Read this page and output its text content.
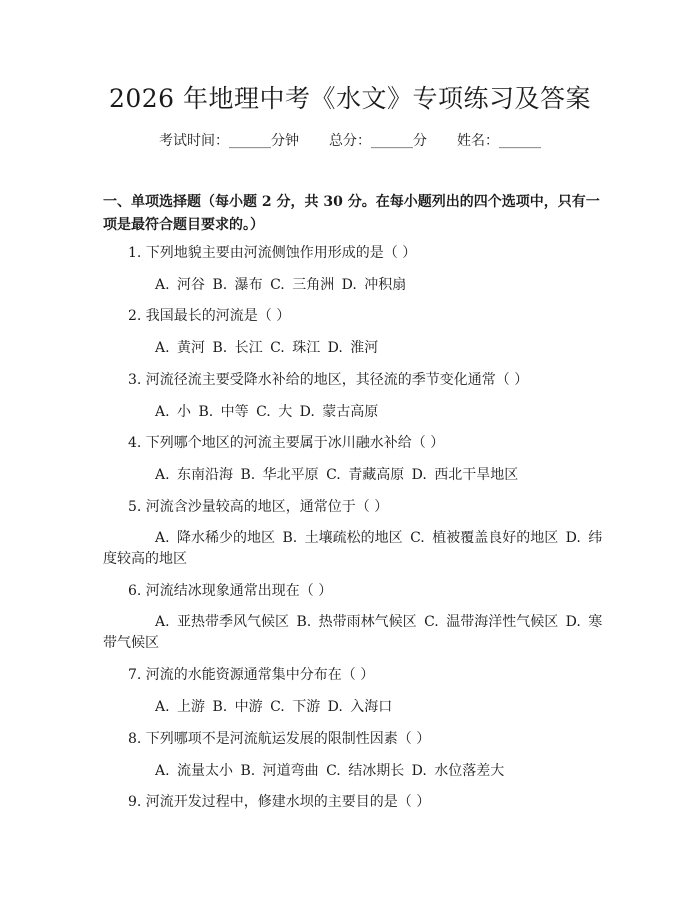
2026 年地理中考《水文》专项练习及答案
考试时间：______分钟 总分：______分 姓名：______
一、单项选择题（每小题 2 分，共 30 分。在每小题列出的四个选项中，只有一项是最符合题目要求的。）
1. 下列地貌主要由河流侧蚀作用形成的是（ ）
A. 河谷 B. 瀑布 C. 三角洲 D. 冲积扇
2. 我国最长的河流是（ ）
A. 黄河 B. 长江 C. 珠江 D. 淮河
3. 河流径流主要受降水补给的地区，其径流的季节变化通常（ ）
A. 小 B. 中等 C. 大 D. 蒙古高原
4. 下列哪个地区的河流主要属于冰川融水补给（ ）
A. 东南沿海 B. 华北平原 C. 青藏高原 D. 西北干旱地区
5. 河流含沙量较高的地区，通常位于（ ）
A. 降水稀少的地区 B. 土壤疏松的地区 C. 植被覆盖良好的地区 D. 纬度较高的地区
6. 河流结冰现象通常出现在（ ）
A. 亚热带季风气候区 B. 热带雨林气候区 C. 温带海洋性气候区 D. 寒带气候区
7. 河流的水能资源通常集中分布在（ ）
A. 上游 B. 中游 C. 下游 D. 入海口
8. 下列哪项不是河流航运发展的限制性因素（ ）
A. 流量太小 B. 河道弯曲 C. 结冰期长 D. 水位落差大
9. 河流开发过程中，修建水坝的主要目的是（ ）
